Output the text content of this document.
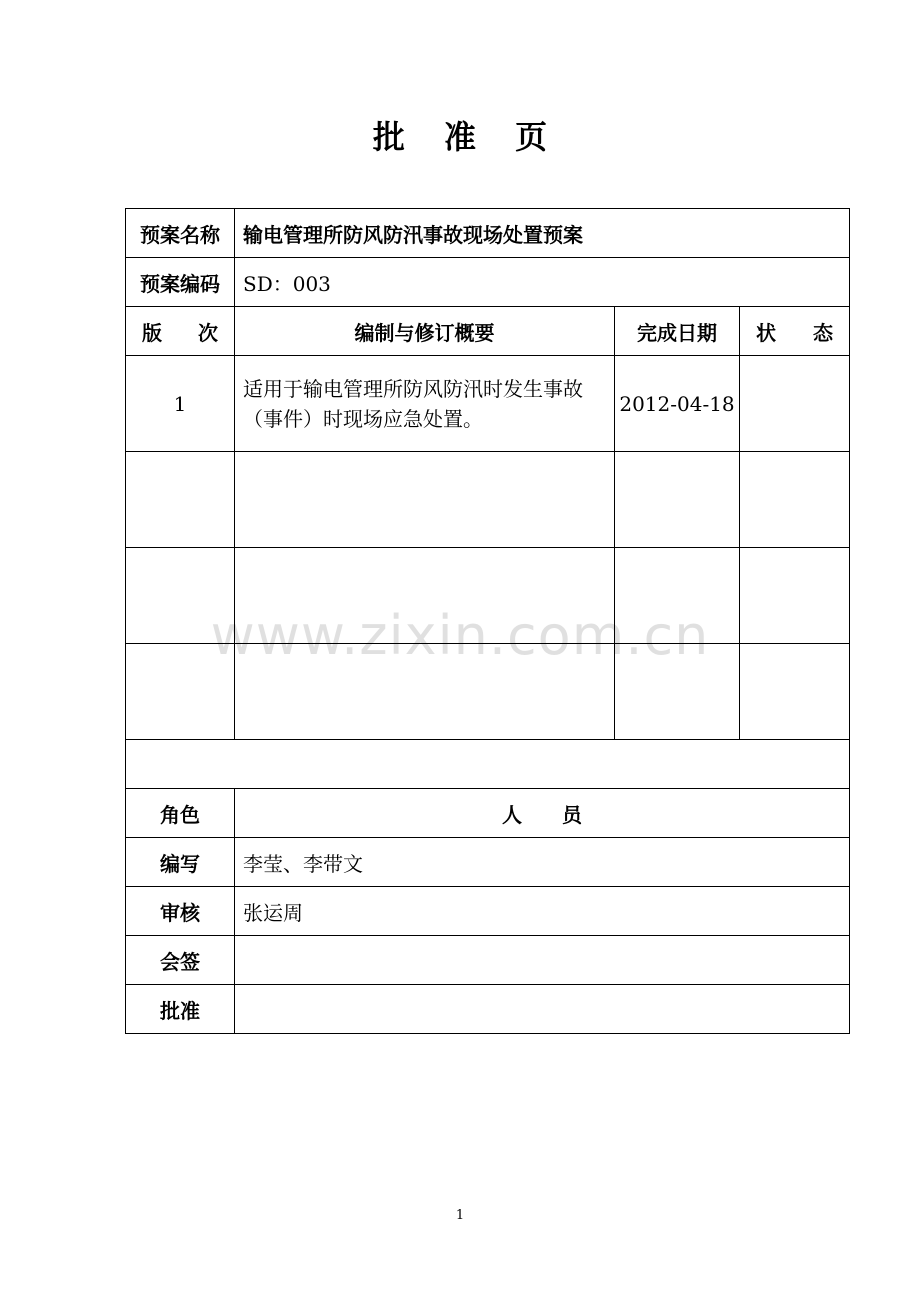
批 准 页
预案名称	输电管理所防风防汛事故现场处置预案		
预案编码	SD：003		

版 次	编制与修订概要	完成日期	状 态

1	适用于输电管理所防风防汛时发生事故（事件）时现场应急处置。	2012-04-18	

角色	人　　员		
编写	李莹、李带文		
审核	张运周		
会签			
批准			
www.zixin.com.cn
1
